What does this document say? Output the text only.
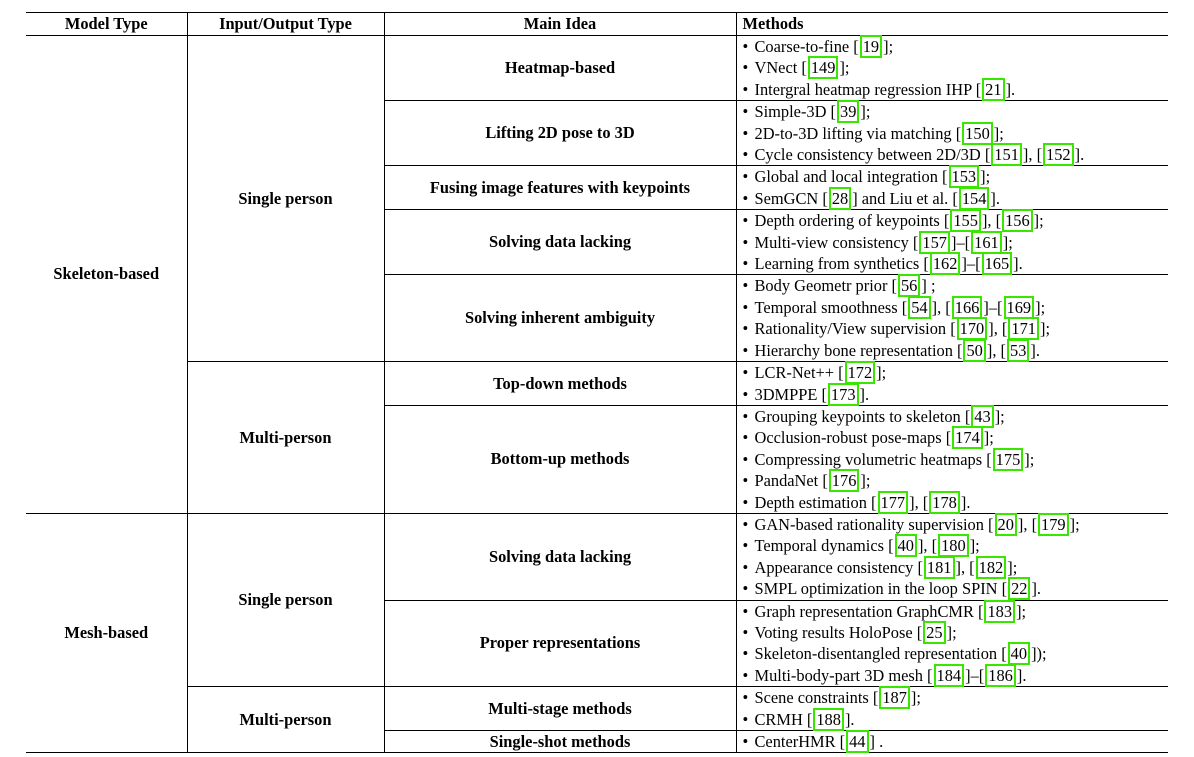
Model Type	Input/Output Type	Main Idea	Methods
Skeleton-based	Single person	Heatmap-based	• Coarse-to-fine [ 19 ];
• VNect [ 149 ];
• Intergral heatmap regression IHP [ 21 ].

		Lifting 2D pose to 3D	• Simple-3D [ 39 ];
• 2D-to-3D lifting via matching [ 150 ];
• Cycle consistency between 2D/3D [ 151 ], [ 152 ].

		Fusing image features with keypoints	• Global and local integration [ 153 ];
• SemGCN [ 28 ] and Liu et al. [ 154 ].

		Solving data lacking	• Depth ordering of keypoints [ 155 ], [ 156 ];
• Multi-view consistency [ 157 ]–[ 161 ];
• Learning from synthetics [ 162 ]–[ 165 ].

		Solving inherent ambiguity	• Body Geometr prior [ 56 ] ;
• Temporal smoothness [ 54 ], [ 166 ]–[ 169 ];
• Rationality/View supervision [ 170 ], [ 171 ];
• Hierarchy bone representation [ 50 ], [ 53 ].

	Multi-person	Top-down methods	• LCR-Net++ [ 172 ];
• 3DMPPE [ 173 ].

		Bottom-up methods	• Grouping keypoints to skeleton [ 43 ];
• Occlusion-robust pose-maps [ 174 ];
• Compressing volumetric heatmaps [ 175 ];
• PandaNet [ 176 ];
• Depth estimation [ 177 ], [ 178 ].

Mesh-based	Single person	Solving data lacking	• GAN-based rationality supervision [ 20 ], [ 179 ];
• Temporal dynamics [ 40 ], [ 180 ];
• Appearance consistency [ 181 ], [ 182 ];
• SMPL optimization in the loop SPIN [ 22 ].

		Proper representations	• Graph representation GraphCMR [ 183 ];
• Voting results HoloPose [ 25 ];
• Skeleton-disentangled representation [ 40 ]);
• Multi-body-part 3D mesh [ 184 ]–[ 186 ].

	Multi-person	Multi-stage methods	• Scene constraints [ 187 ];
• CRMH [ 188 ].

		Single-shot methods	• CenterHMR [ 44 ] .
